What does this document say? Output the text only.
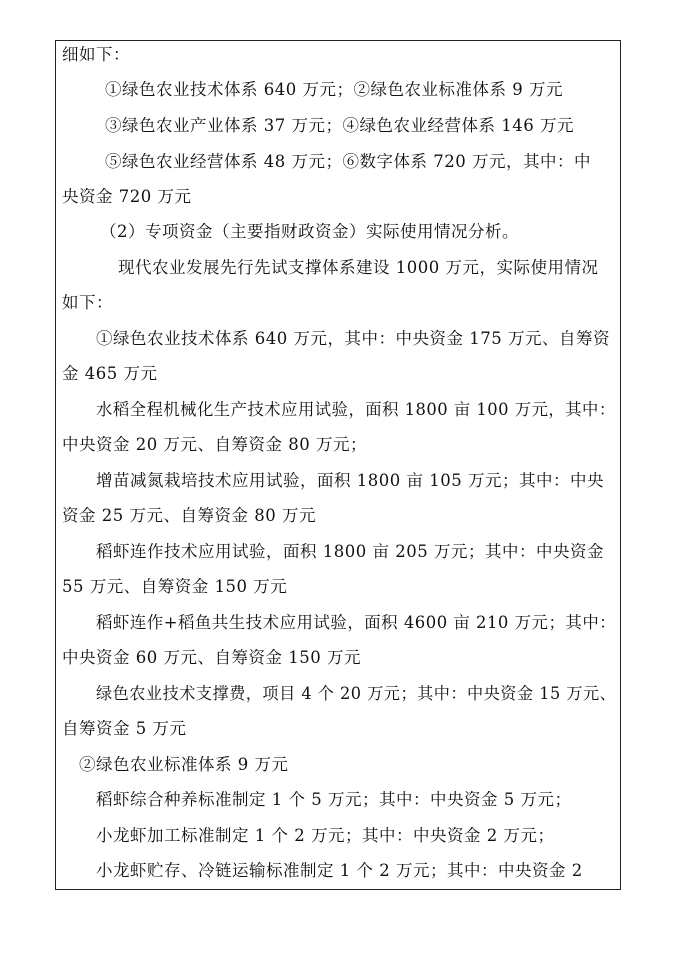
细如下：
①绿色农业技术体系 640 万元；②绿色农业标准体系 9 万元
③绿色农业产业体系 37 万元；④绿色农业经营体系 146 万元
⑤绿色农业经营体系 48 万元；⑥数字体系 720 万元，其中：中
央资金 720 万元
（2）专项资金（主要指财政资金）实际使用情况分析。
现代农业发展先行先试支撑体系建设 1000 万元，实际使用情况
如下：
①绿色农业技术体系 640 万元，其中：中央资金 175 万元、自筹资
金 465 万元
水稻全程机械化生产技术应用试验，面积 1800 亩 100 万元，其中：
中央资金 20 万元、自筹资金 80 万元；
增苗减氮栽培技术应用试验，面积 1800 亩 105 万元；其中：中央
资金 25 万元、自筹资金 80 万元
稻虾连作技术应用试验，面积 1800 亩 205 万元；其中：中央资金
55 万元、自筹资金 150 万元
稻虾连作+稻鱼共生技术应用试验，面积 4600 亩 210 万元；其中：
中央资金 60 万元、自筹资金 150 万元
绿色农业技术支撑费，项目 4 个 20 万元；其中：中央资金 15 万元、
自筹资金 5 万元
②绿色农业标准体系 9 万元
稻虾综合种养标准制定 1 个 5 万元；其中：中央资金 5 万元；
小龙虾加工标准制定 1 个 2 万元；其中：中央资金 2 万元；
小龙虾贮存、冷链运输标准制定 1 个 2 万元；其中：中央资金 2
